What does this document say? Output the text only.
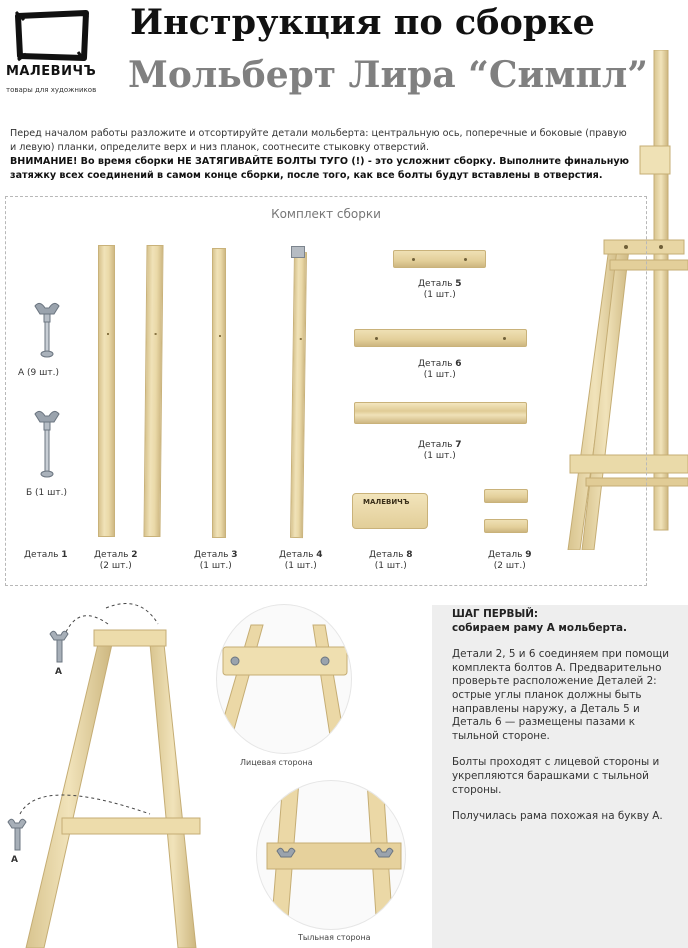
МАЛЕВИЧЪ
товары для художников
Инструкция по сборке
Мольберт Лира “Симпл”
Перед началом работы разложите и отсортируйте детали мольберта: центральную ось, поперечные и боковые (правую и левую) планки, определите верх и низ планок, соотнесите стыковку отверстий.
ВНИМАНИЕ! Во время сборки НЕ ЗАТЯГИВАЙТЕ БОЛТЫ ТУГО (!) - это усложнит сборку. Выполните финальную затяжку всех соединений в самом конце сборки, после того, как все болты будут вставлены в отверстия.
Комплект сборки
А (9 шт.)
Б (1 шт.)
МАЛЕВИЧЪ
Деталь 1	Деталь 2
(2 шт.)
Деталь 3
(1 шт.)
Деталь 4
(1 шт.)
Деталь 5
(1 шт.)
Деталь 6
(1 шт.)
Деталь 7
(1 шт.)
Деталь 8
(1 шт.)
Деталь 9
(2 шт.)
А
А
Лицевая сторона
Тыльная сторона

ШАГ ПЕРВЫЙ:
собираем раму А мольберта.

Детали 2, 5 и 6 соединяем при помощи комплекта болтов А. Предварительно проверьте расположение Деталей 2: острые углы планок должны быть направлены наружу, а Деталь 5 и Деталь 6 — размещены пазами к тыльной стороне.

Болты проходят с лицевой стороны и укрепляются барашками с тыльной стороны.

Получилась рама похожая на букву А.
